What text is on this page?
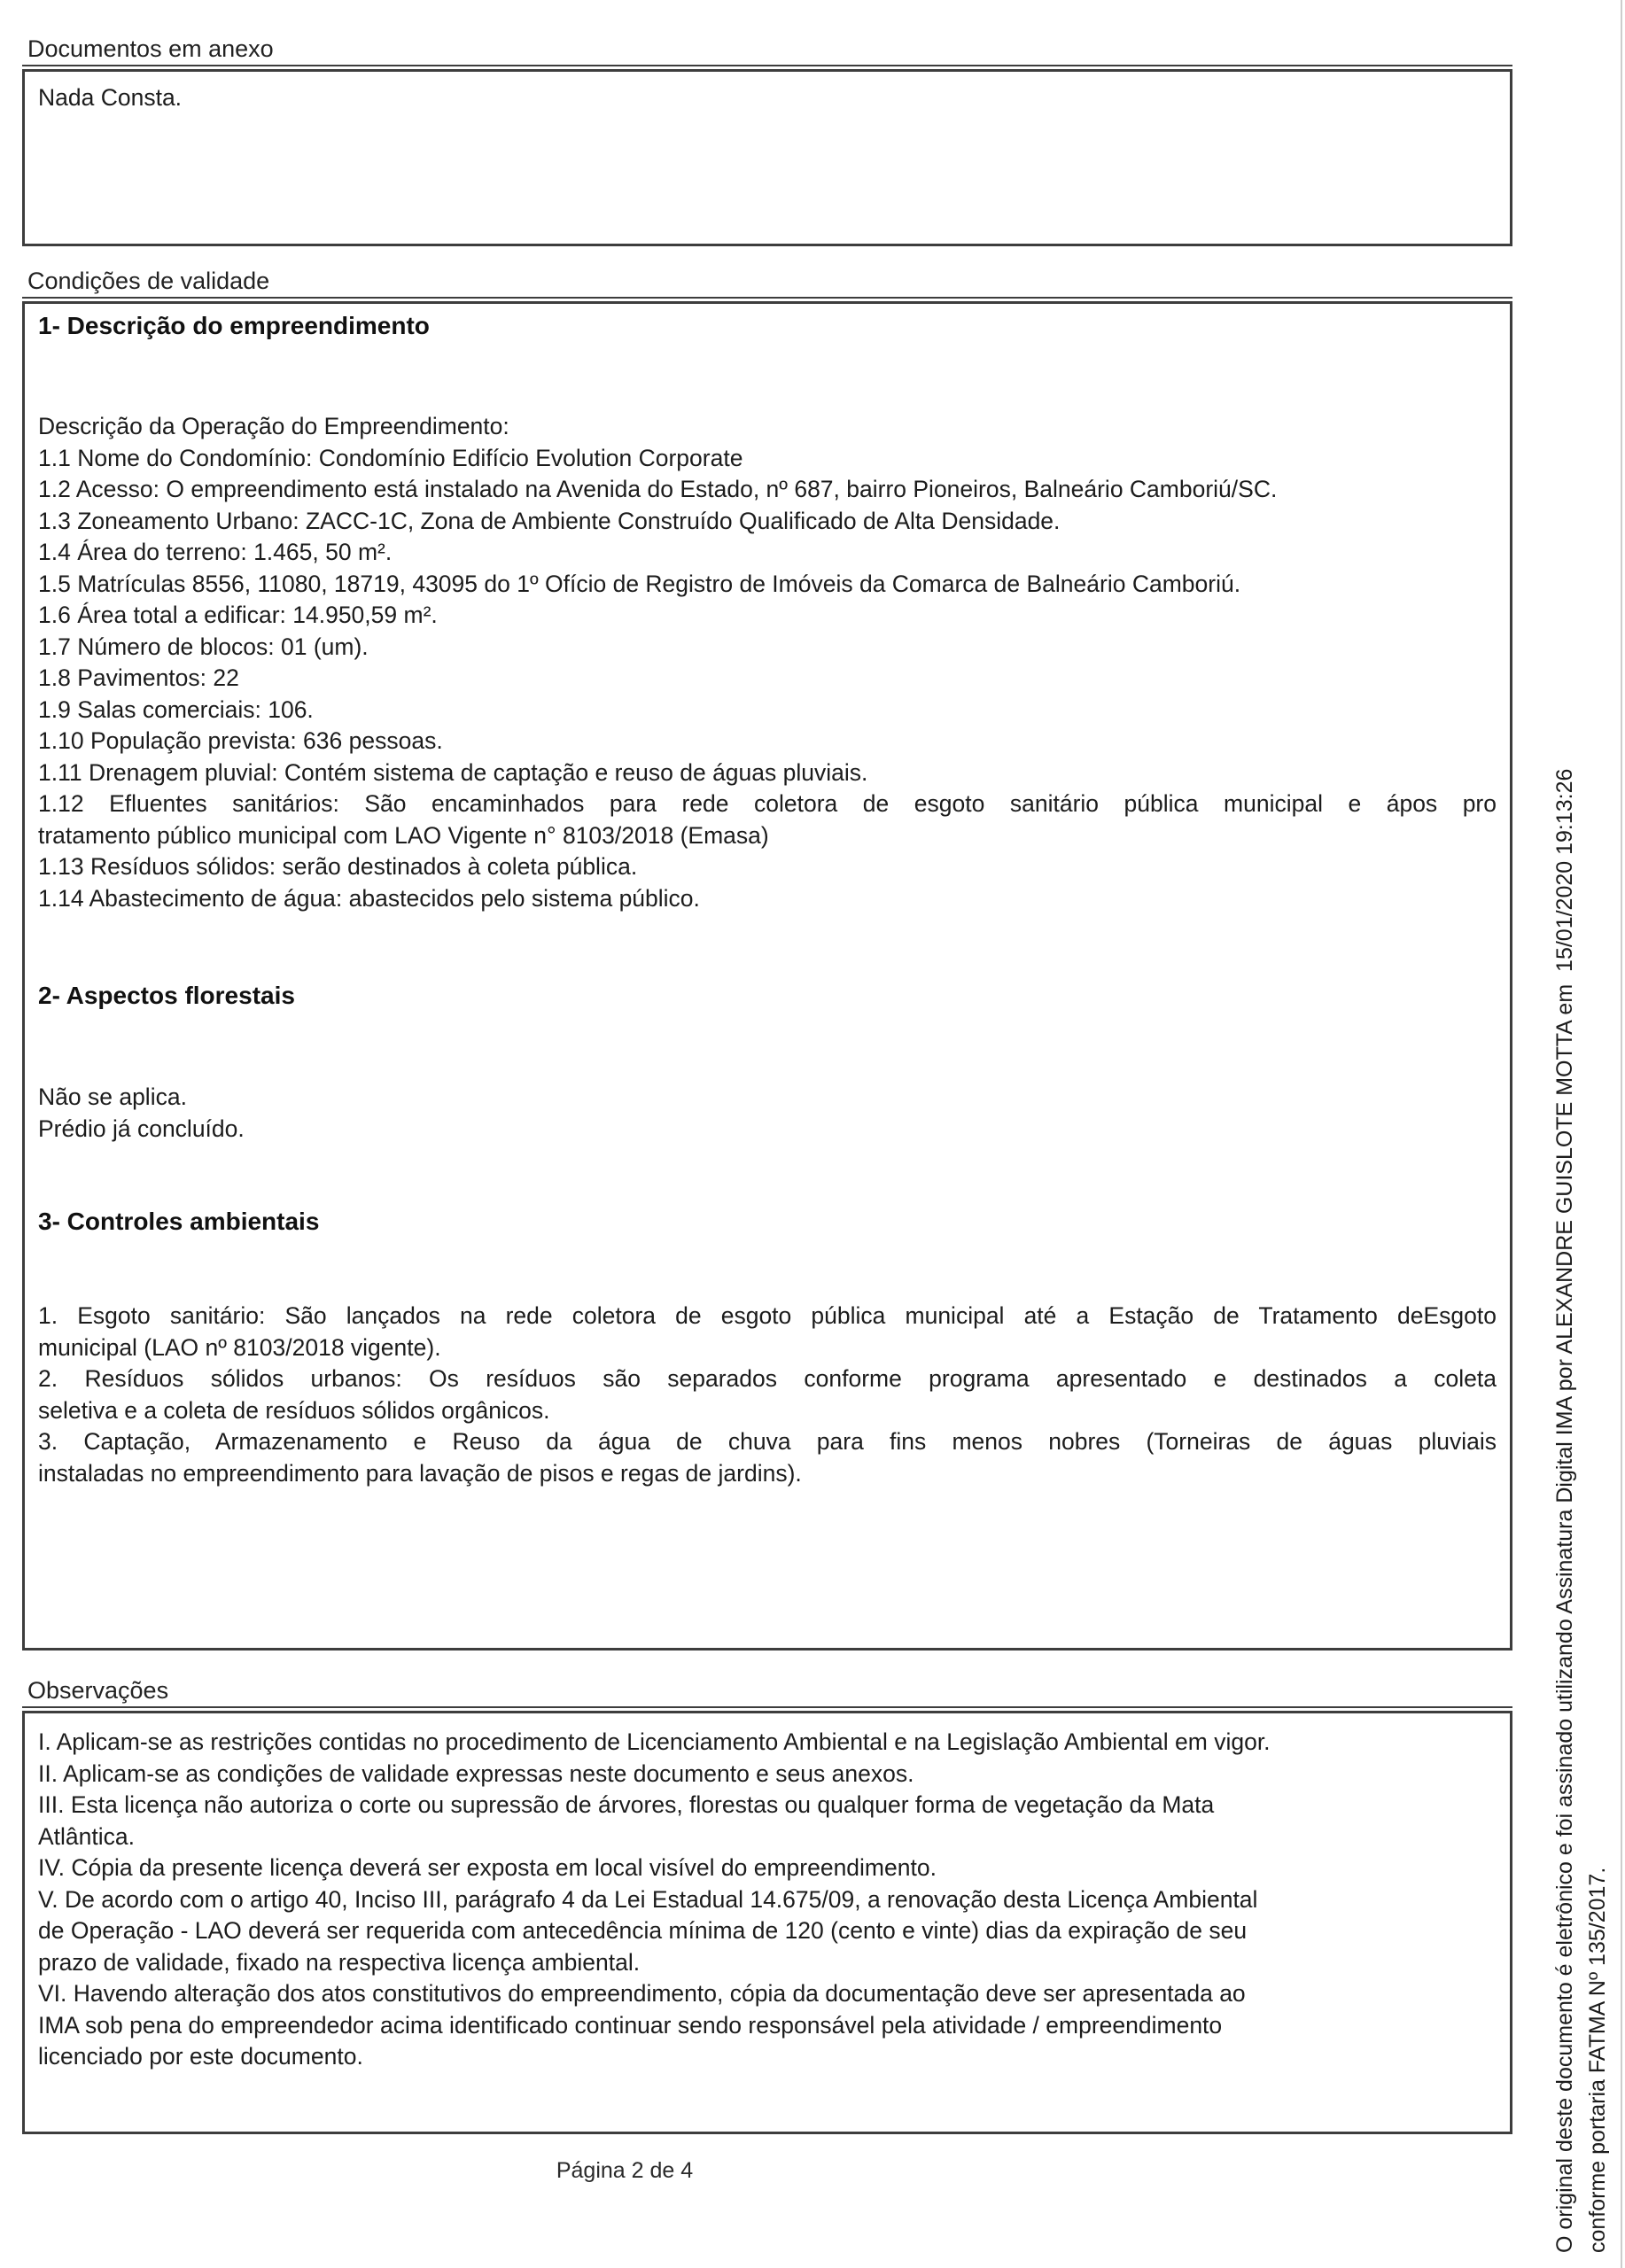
Documentos em anexo
Nada Consta.
Condições de validade
1- Descrição do empreendimento
Descrição da Operação do Empreendimento:
1.1 Nome do Condomínio: Condomínio Edifício Evolution Corporate
1.2 Acesso: O empreendimento está instalado na Avenida do Estado, nº 687, bairro Pioneiros, Balneário Camboriú/SC.
1.3 Zoneamento Urbano: ZACC-1C, Zona de Ambiente Construído Qualificado de Alta Densidade.
1.4 Área do terreno: 1.465, 50 m².
1.5 Matrículas 8556, 11080, 18719, 43095 do 1º Ofício de Registro de Imóveis da Comarca de Balneário Camboriú.
1.6 Área total a edificar: 14.950,59 m².
1.7 Número de blocos: 01 (um).
1.8 Pavimentos: 22
1.9 Salas comerciais: 106.
1.10 População prevista: 636 pessoas.
1.11 Drenagem pluvial: Contém sistema de captação e reuso de águas pluviais.
1.12 Efluentes sanitários: São encaminhados para rede coletora de esgoto sanitário pública municipal e ápos pro
tratamento público municipal com LAO Vigente n° 8103/2018 (Emasa)
1.13 Resíduos sólidos: serão destinados à coleta pública.
1.14 Abastecimento de água: abastecidos pelo sistema público.
2- Aspectos florestais
Não se aplica.
Prédio já concluído.
3- Controles ambientais
1. Esgoto sanitário: São lançados na rede coletora de esgoto pública municipal até a Estação de Tratamento deEsgoto
municipal (LAO nº 8103/2018 vigente).
2. Resíduos sólidos urbanos: Os resíduos são separados conforme programa apresentado e destinados a coleta
seletiva e a coleta de resíduos sólidos orgânicos.
3. Captação, Armazenamento e Reuso da água de chuva para fins menos nobres (Torneiras de águas pluviais
instaladas no empreendimento para lavação de pisos e regas de jardins).
Observações
I. Aplicam-se as restrições contidas no procedimento de Licenciamento Ambiental e na Legislação Ambiental em vigor.
II. Aplicam-se as condições de validade expressas neste documento e seus anexos.
III. Esta licença não autoriza o corte ou supressão de árvores, florestas ou qualquer forma de vegetação da Mata
Atlântica.
IV. Cópia da presente licença deverá ser exposta em local visível do empreendimento.
V. De acordo com o artigo 40, Inciso III, parágrafo 4 da Lei Estadual 14.675/09, a renovação desta Licença Ambiental
de Operação - LAO deverá ser requerida com antecedência mínima de 120 (cento e vinte) dias da expiração de seu
prazo de validade, fixado na respectiva licença ambiental.
VI. Havendo alteração dos atos constitutivos do empreendimento, cópia da documentação deve ser apresentada ao
IMA sob pena do empreendedor acima identificado continuar sendo responsável pela atividade / empreendimento
licenciado por este documento.
Página 2 de 4	O original deste documento é eletrônico e foi assinado utilizando Assinatura Digital IMA por ALEXANDRE GUISLOTE MOTTA em  15/01/2020 19:13:26 conforme portaria FATMA Nº 135/2017.
